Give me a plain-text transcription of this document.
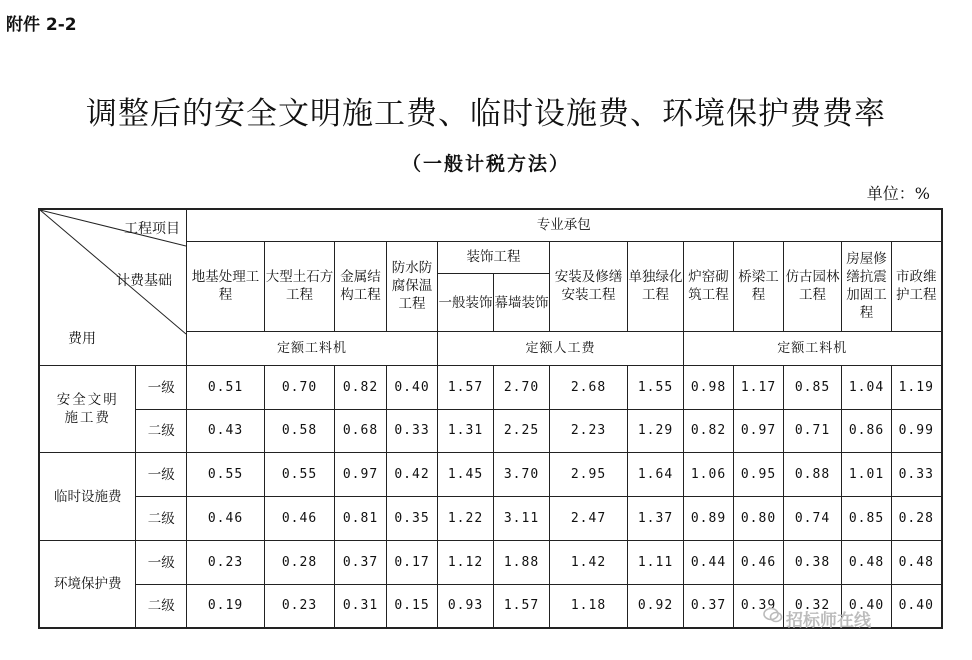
附件 2-2
调整后的安全文明施工费、临时设施费、环境保护费费率
（一般计税方法）
单位：%
工程项目
计费基础
费用		专业承包												
		地基处理工程	大型土石方工程	金属结构工程	防水防腐保温工程	装饰工程		安装及修缮安装工程	单独绿化工程	炉窑砌筑工程	桥梁工程	仿古园林工程	房屋修缮抗震加固工程	市政维护工程
						一般装饰	幕墙装饰							
		定额工料机				定额人工费				定额工料机				
安全文明施工费	一级	0.51	0.70	0.82	0.40	1.57	2.70	2.68	1.55	0.98	1.17	0.85	1.04	1.19
	二级	0.43	0.58	0.68	0.33	1.31	2.25	2.23	1.29	0.82	0.97	0.71	0.86	0.99
临时设施费	一级	0.55	0.55	0.97	0.42	1.45	3.70	2.95	1.64	1.06	0.95	0.88	1.01	0.33
	二级	0.46	0.46	0.81	0.35	1.22	3.11	2.47	1.37	0.89	0.80	0.74	0.85	0.28
环境保护费	一级	0.23	0.28	0.37	0.17	1.12	1.88	1.42	1.11	0.44	0.46	0.38	0.48	0.48
	二级	0.19	0.23	0.31	0.15	0.93	1.57	1.18	0.92	0.37	0.39	0.32	0.40	0.40
招标师在线
